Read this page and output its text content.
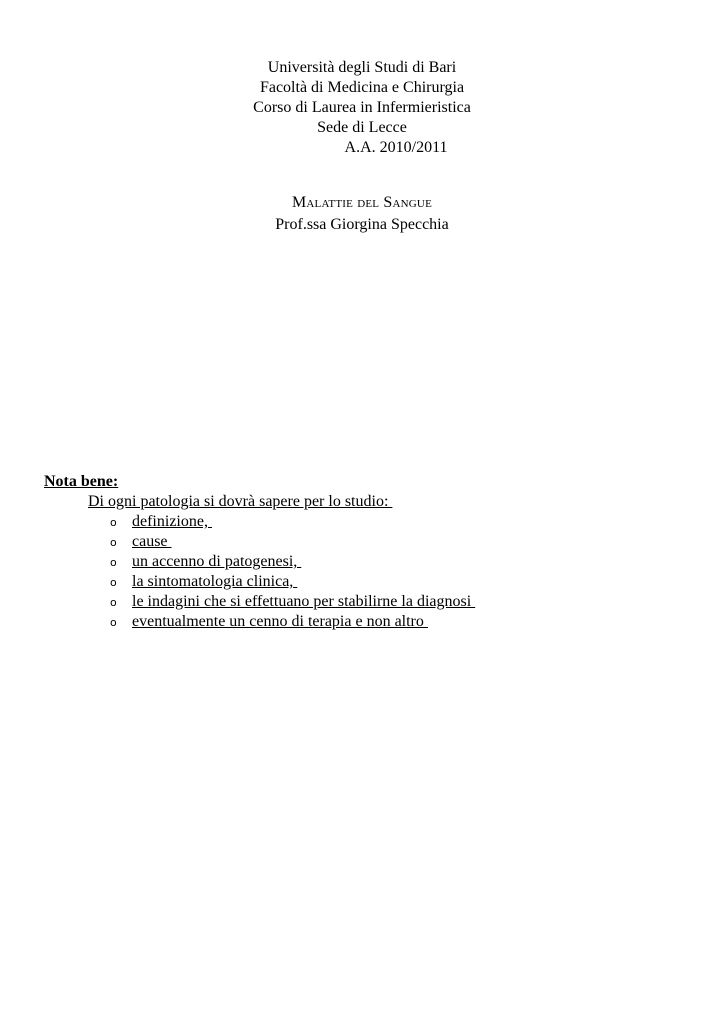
Università degli Studi di Bari
Facoltà di Medicina e Chirurgia
Corso di Laurea in Infermieristica
Sede di Lecce
A.A. 2010/2011
Malattie del Sangue
Prof.ssa Giorgina Specchia
Nota bene:
Di ogni patologia si dovrà sapere per lo studio:
o definizione,
o cause
o un accenno di patogenesi,
o la sintomatologia clinica,
o le indagini che si effettuano per stabilirne la diagnosi
o eventualmente un cenno di terapia e non altro
